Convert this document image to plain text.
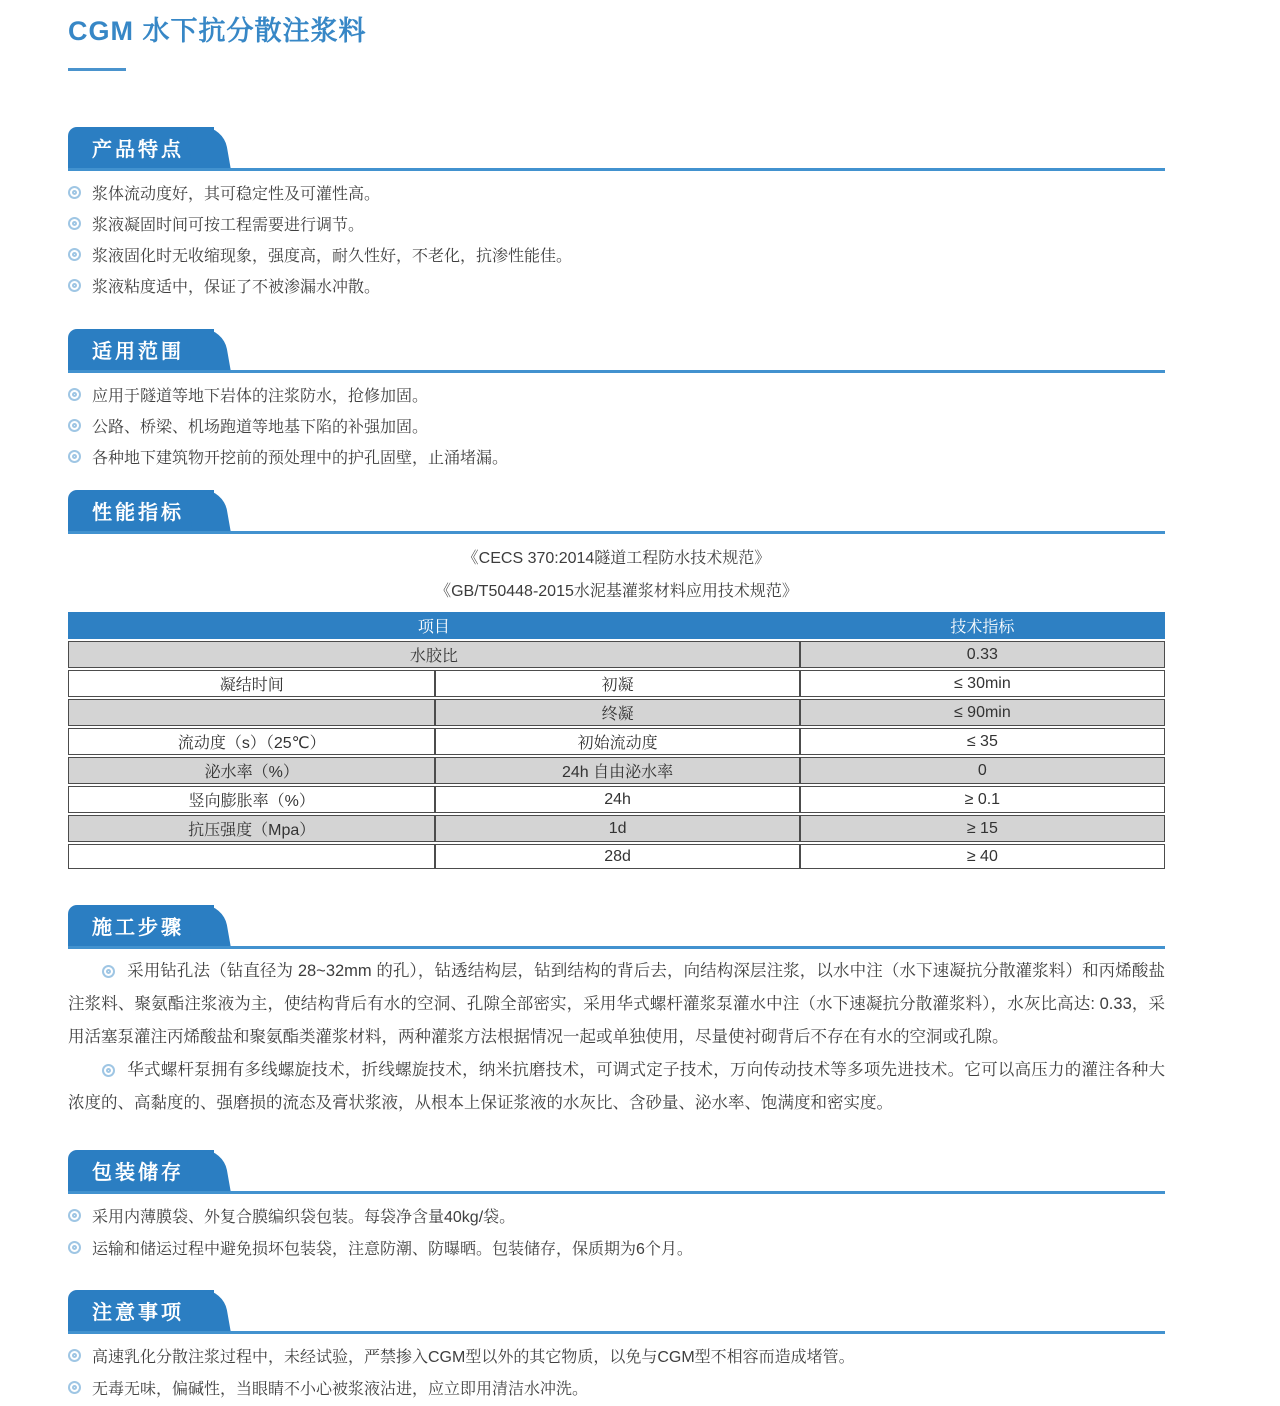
CGM 水下抗分散注浆料
产品特点
浆体流动度好，其可稳定性及可灌性高。
浆液凝固时间可按工程需要进行调节。
浆液固化时无收缩现象，强度高，耐久性好，不老化，抗渗性能佳。
浆液粘度适中，保证了不被渗漏水冲散。
适用范围
应用于隧道等地下岩体的注浆防水，抢修加固。
公路、桥梁、机场跑道等地基下陷的补强加固。
各种地下建筑物开挖前的预处理中的护孔固壁，止涌堵漏。
性能指标

《CECS 370:2014隧道工程防水技术规范》

《GB/T50448-2015水泥基灌浆材料应用技术规范》

项目		技术指标
水胶比		0.33
凝结时间	初凝	≤ 30min
	终凝	≤ 90min
流动度（s）（25℃）	初始流动度	≤ 35
泌水率（%）	24h 自由泌水率	0
竖向膨胀率（%）	24h	≥ 0.1
抗压强度（Mpa）	1d	≥ 15
	28d	≥ 40
施工步骤

采用钻孔法（钻直径为 28~32mm 的孔），钻透结构层，钻到结构的背后去，向结构深层注浆，以水中注（水下速凝抗分散灌浆料）和丙烯酸盐注浆料、聚氨酯注浆液为主，使结构背后有水的空洞、孔隙全部密实，采用华式螺杆灌浆泵灌水中注（水下速凝抗分散灌浆料），水灰比高达: 0.33，采用活塞泵灌注丙烯酸盐和聚氨酯类灌浆材料，两种灌浆方法根据情况一起或单独使用，尽量使衬砌背后不存在有水的空洞或孔隙。

华式螺杆泵拥有多线螺旋技术，折线螺旋技术，纳米抗磨技术，可调式定子技术，万向传动技术等多项先进技术。它可以高压力的灌注各种大浓度的、高黏度的、强磨损的流态及膏状浆液，从根本上保证浆液的水灰比、含砂量、泌水率、饱满度和密实度。

包装储存
采用内薄膜袋、外复合膜编织袋包装。每袋净含量40kg/袋。
运输和储运过程中避免损坏包装袋，注意防潮、防曝晒。包装储存，保质期为6个月。
注意事项
高速乳化分散注浆过程中，未经试验，严禁掺入CGM型以外的其它物质，以免与CGM型不相容而造成堵管。
无毒无味，偏碱性，当眼睛不小心被浆液沾进，应立即用清洁水冲洗。
